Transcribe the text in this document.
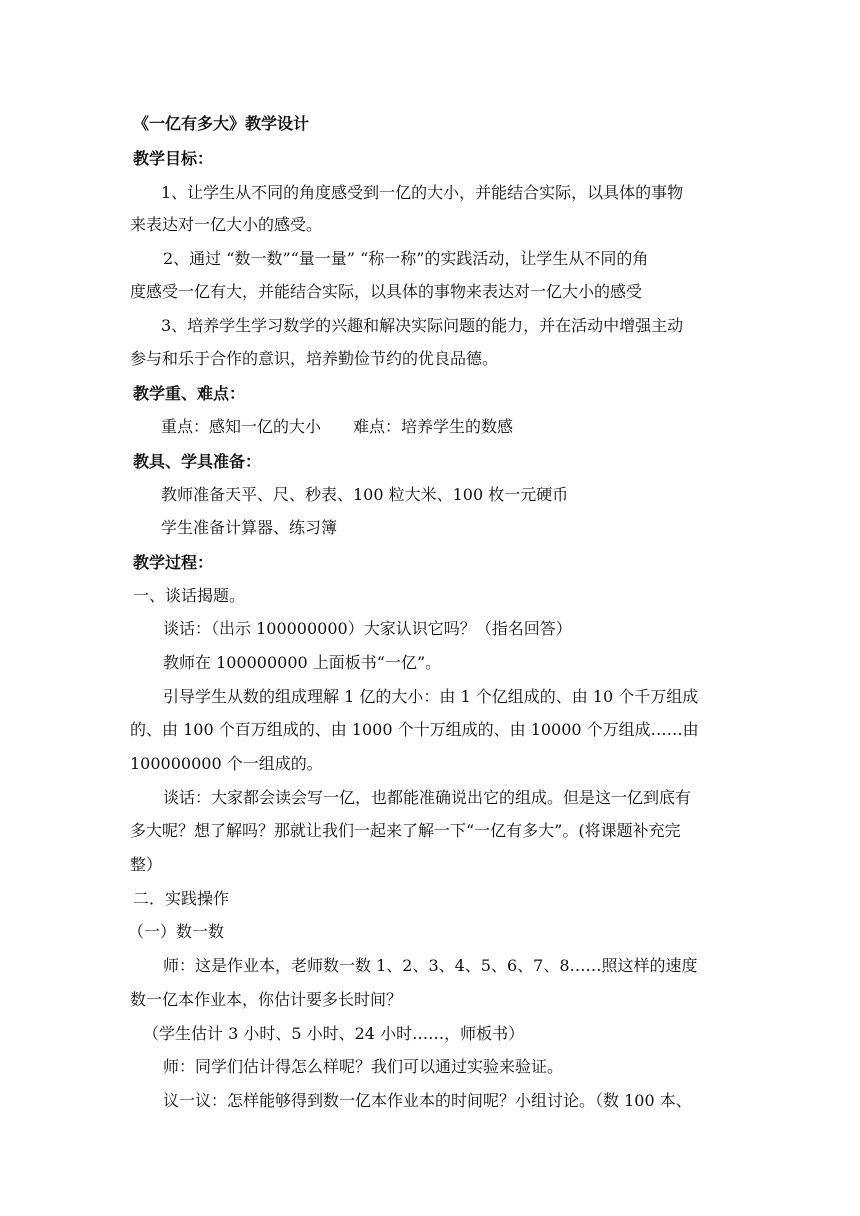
《一亿有多大》教学设计
教学目标：
1、让学生从不同的角度感受到一亿的大小，并能结合实际，以具体的事物
来表达对一亿大小的感受。
2、通过 “数一数”“量一量” “称一称”的实践活动，让学生从不同的角
度感受一亿有大，并能结合实际，以具体的事物来表达对一亿大小的感受
3、培养学生学习数学的兴趣和解决实际问题的能力，并在活动中增强主动
参与和乐于合作的意识，培养勤俭节约的优良品德。
教学重、难点：
重点：感知一亿的大小　　难点：培养学生的数感
教具、学具准备：
教师准备天平、尺、秒表、100 粒大米、100 枚一元硬币
学生准备计算器、练习簿
教学过程：
一、谈话揭题。
谈话：（出示 100000000）大家认识它吗？（指名回答）
教师在 100000000 上面板书“一亿”。
引导学生从数的组成理解 1 亿的大小：由 1 个亿组成的、由 10 个千万组成
的、由 100 个百万组成的、由 1000 个十万组成的、由 10000 个万组成……由
100000000 个一组成的。
谈话：大家都会读会写一亿，也都能准确说出它的组成。但是这一亿到底有
多大呢？想了解吗？那就让我们一起来了解一下“一亿有多大”。(将课题补充完
整）
二．实践操作
（一）数一数
师：这是作业本，老师数一数 1、2、3、4、5、6、7、8……照这样的速度
数一亿本作业本，你估计要多长时间？
（学生估计 3 小时、5 小时、24 小时……，师板书）
师：同学们估计得怎么样呢？我们可以通过实验来验证。
议一议：怎样能够得到数一亿本作业本的时间呢？小组讨论。（数 100 本、
